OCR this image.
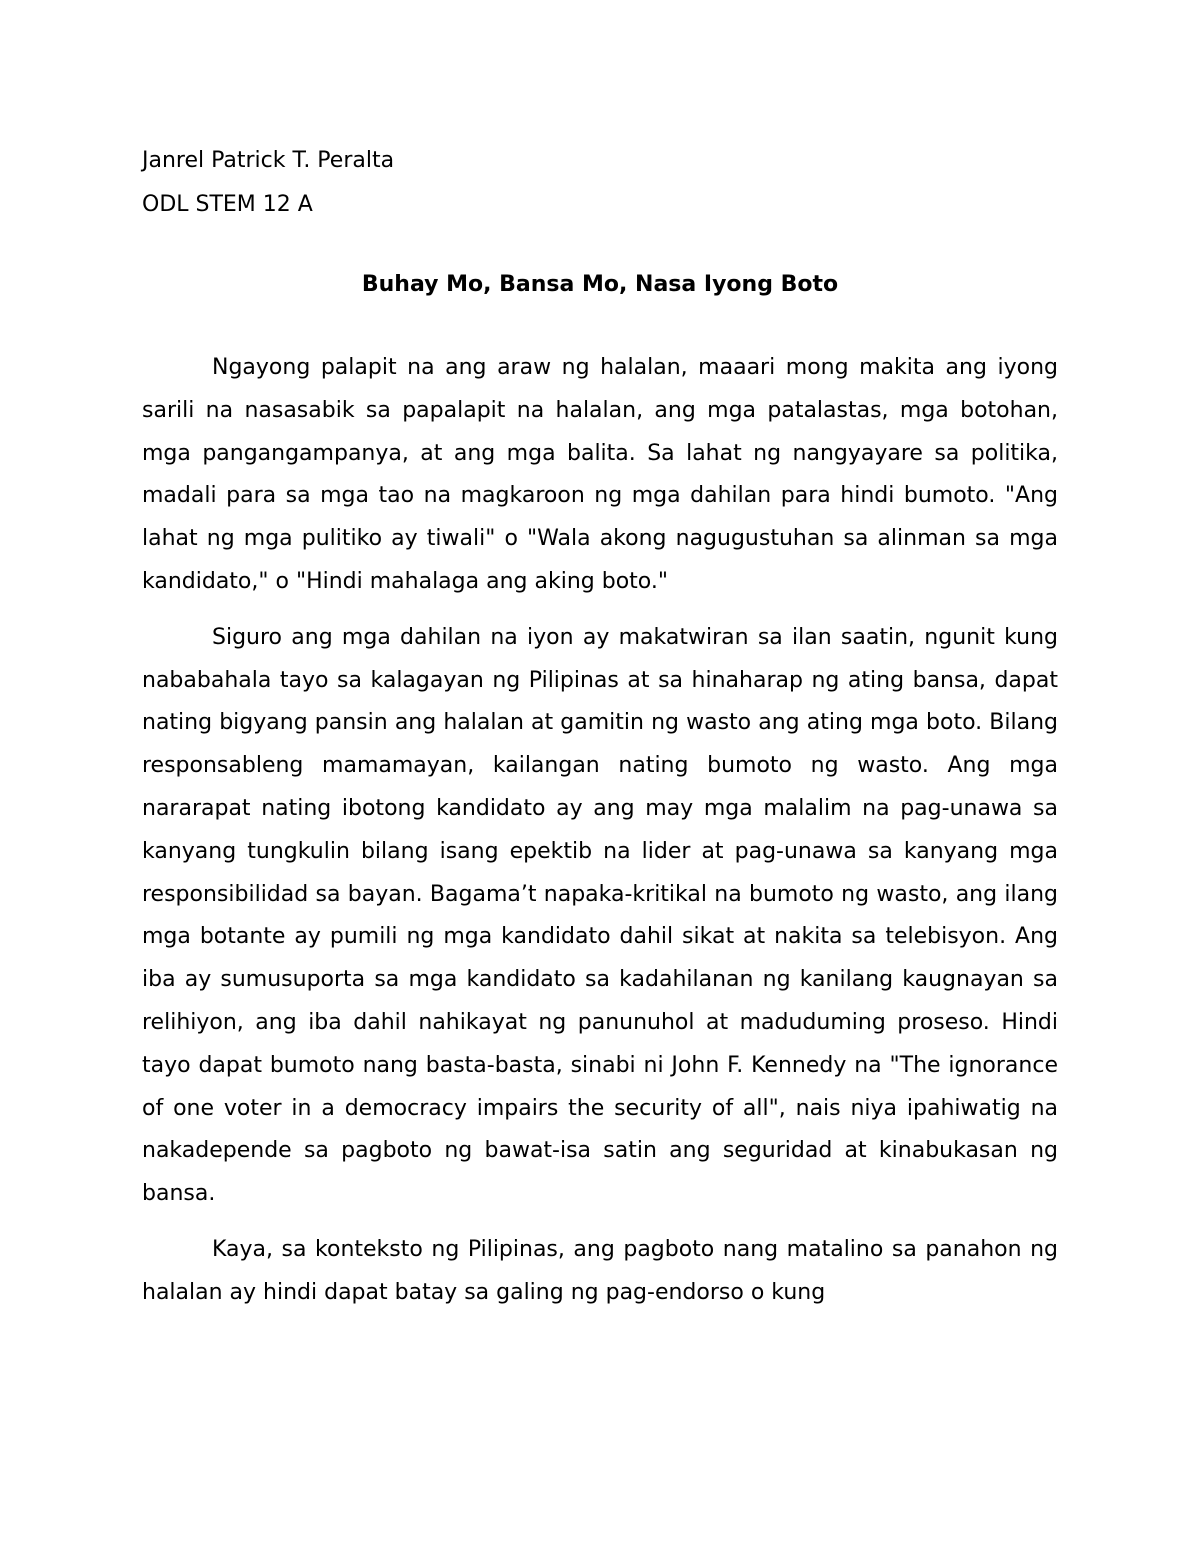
Janrel Patrick T. Peralta

ODL STEM 12 A

Buhay Mo, Bansa Mo, Nasa Iyong Boto

Ngayong palapit na ang araw ng halalan, maaari mong makita ang iyong sarili na nasasabik sa papalapit na halalan, ang mga patalastas, mga botohan, mga pangangampanya, at ang mga balita. Sa lahat ng nangyayare sa politika, madali para sa mga tao na magkaroon ng mga dahilan para hindi bumoto. "Ang lahat ng mga pulitiko ay tiwali" o "Wala akong nagugustuhan sa alinman sa mga kandidato," o "Hindi mahalaga ang aking boto."

Siguro ang mga dahilan na iyon ay makatwiran sa ilan saatin, ngunit kung nababahala tayo sa kalagayan ng Pilipinas at sa hinaharap ng ating bansa, dapat nating bigyang pansin ang halalan at gamitin ng wasto ang ating mga boto. Bilang responsableng mamamayan, kailangan nating bumoto ng wasto. Ang mga nararapat nating ibotong kandidato ay ang may mga malalim na pag-unawa sa kanyang tungkulin bilang isang epektib na lider at pag-unawa sa kanyang mga responsibilidad sa bayan. Bagama’t napaka-kritikal na bumoto ng wasto, ang ilang mga botante ay pumili ng mga kandidato dahil sikat at nakita sa telebisyon. Ang iba ay sumusuporta sa mga kandidato sa kadahilanan ng kanilang kaugnayan sa relihiyon, ang iba dahil nahikayat ng panunuhol at maduduming proseso. Hindi tayo dapat bumoto nang basta-basta, sinabi ni John F. Kennedy na "The ignorance of one voter in a democracy impairs the security of all", nais niya ipahiwatig na nakadepende sa pagboto ng bawat-isa satin ang seguridad at kinabukasan ng bansa.

Kaya, sa konteksto ng Pilipinas, ang pagboto nang matalino sa panahon ng halalan ay hindi dapat batay sa galing ng pag-endorso o kung
